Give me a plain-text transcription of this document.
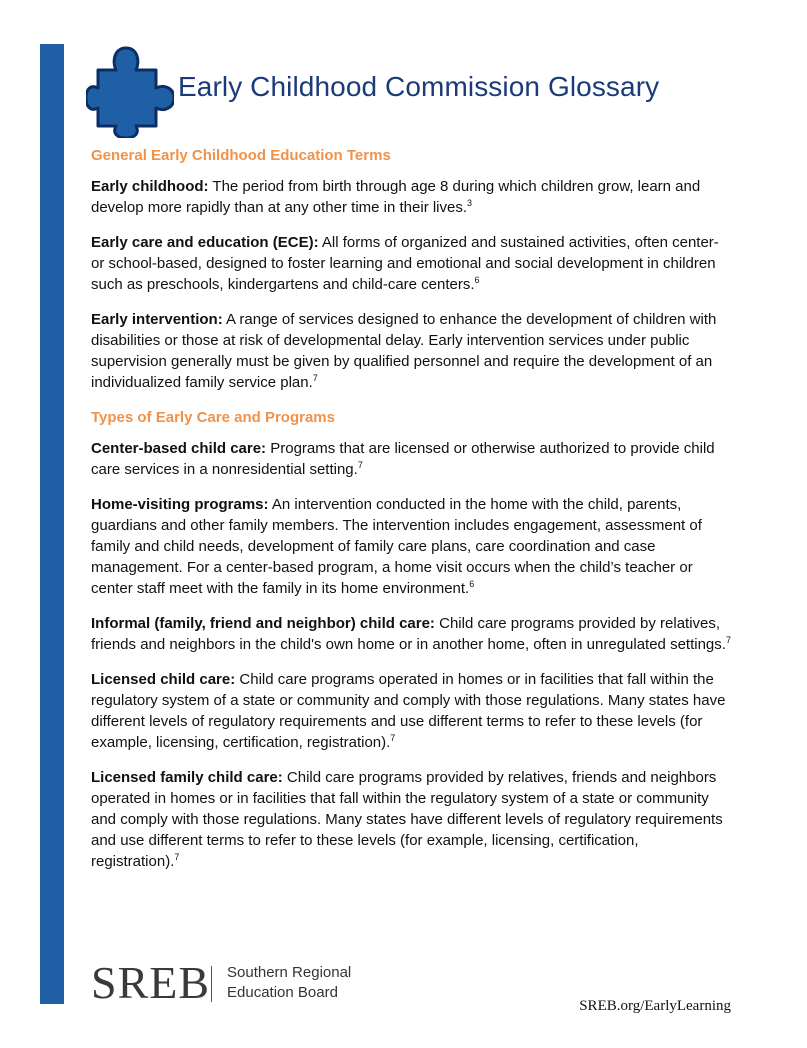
Early Childhood Commission Glossary
General Early Childhood Education Terms

Early childhood: The period from birth through age 8 during which children grow, learn and develop more rapidly than at any other time in their lives.$^3$

Early care and education (ECE): All forms of organized and sustained activities, often center- or school-based, designed to foster learning and emotional and social development in children such as preschools, kindergartens and child-care centers.$^6$

Early intervention: A range of services designed to enhance the development of children with disabilities or those at risk of developmental delay. Early intervention services under public supervision generally must be given by qualified personnel and require the development of an individualized family service plan.$^7$

Types of Early Care and Programs

Center-based child care: Programs that are licensed or otherwise authorized to provide child care services in a nonresidential setting.$^7$

Home-visiting programs: An intervention conducted in the home with the child, parents, guardians and other family members. The intervention includes engagement, assessment of family and child needs, development of family care plans, care coordination and case management. For a center-based program, a home visit occurs when the child’s teacher or center staff meet with the family in its home environment.$^6$

Informal (family, friend and neighbor) child care: Child care programs provided by relatives, friends and neighbors in the child's own home or in another home, often in unregulated settings.$^7$

Licensed child care: Child care programs operated in homes or in facilities that fall within the regulatory system of a state or community and comply with those regulations. Many states have different levels of regulatory requirements and use different terms to refer to these levels (for example, licensing, certification, registration).$^7$

Licensed family child care: Child care programs provided by relatives, friends and neighbors operated in homes or in facilities that fall within the regulatory system of a state or community and comply with those regulations. Many states have different levels of regulatory requirements and use different terms to refer to these levels (for example, licensing, certification, registration).$^7$

SREB Southern Regional
Education Board
SREB.org/EarlyLearning
